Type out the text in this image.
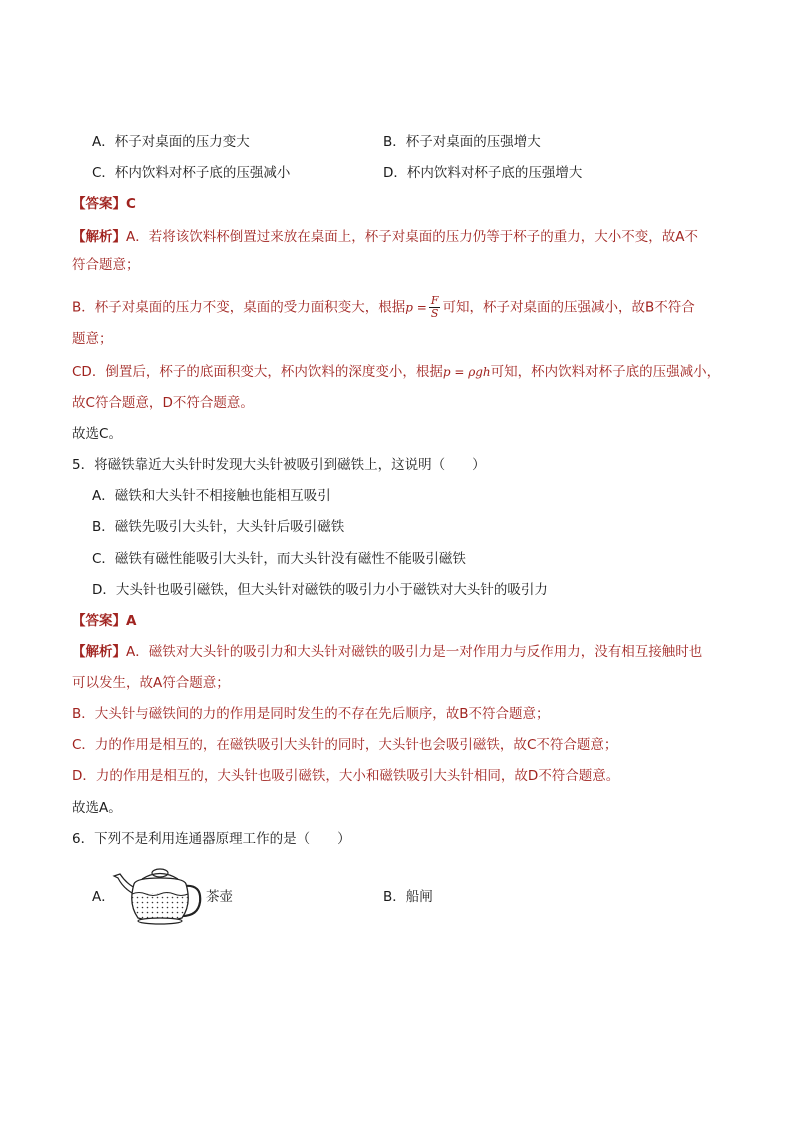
A．杯子对桌面的压力变大	B．杯子对桌面的压强增大
C．杯内饮料对杯子底的压强减小	D．杯内饮料对杯子底的压强增大
【答案】C
【解析】A．若将该饮料杯倒置过来放在桌面上，杯子对桌面的压力仍等于杯子的重力，大小不变，故A不
符合题意；
B．杯子对桌面的压力不变，桌面的受力面积变大，根据$p = \frac{F}{S}$ 可知，杯子对桌面的压强减小，故B不符合
题意；
CD．倒置后，杯子的底面积变大，杯内饮料的深度变小，根据p = ρgh可知，杯内饮料对杯子底的压强减小，
故C符合题意，D不符合题意。
故选C。
5．将磁铁靠近大头针时发现大头针被吸引到磁铁上，这说明（　　）
A．磁铁和大头针不相接触也能相互吸引
B．磁铁先吸引大头针，大头针后吸引磁铁
C．磁铁有磁性能吸引大头针，而大头针没有磁性不能吸引磁铁
D．大头针也吸引磁铁，但大头针对磁铁的吸引力小于磁铁对大头针的吸引力
【答案】A
【解析】A．磁铁对大头针的吸引力和大头针对磁铁的吸引力是一对作用力与反作用力，没有相互接触时也
可以发生，故A符合题意；
B．大头针与磁铁间的力的作用是同时发生的不存在先后顺序，故B不符合题意；
C．力的作用是相互的，在磁铁吸引大头针的同时，大头针也会吸引磁铁，故C不符合题意；
D．力的作用是相互的，大头针也吸引磁铁，大小和磁铁吸引大头针相同，故D不符合题意。
故选A。
6．下列不是利用连通器原理工作的是（　　）
A．	茶壶	B．船闸
